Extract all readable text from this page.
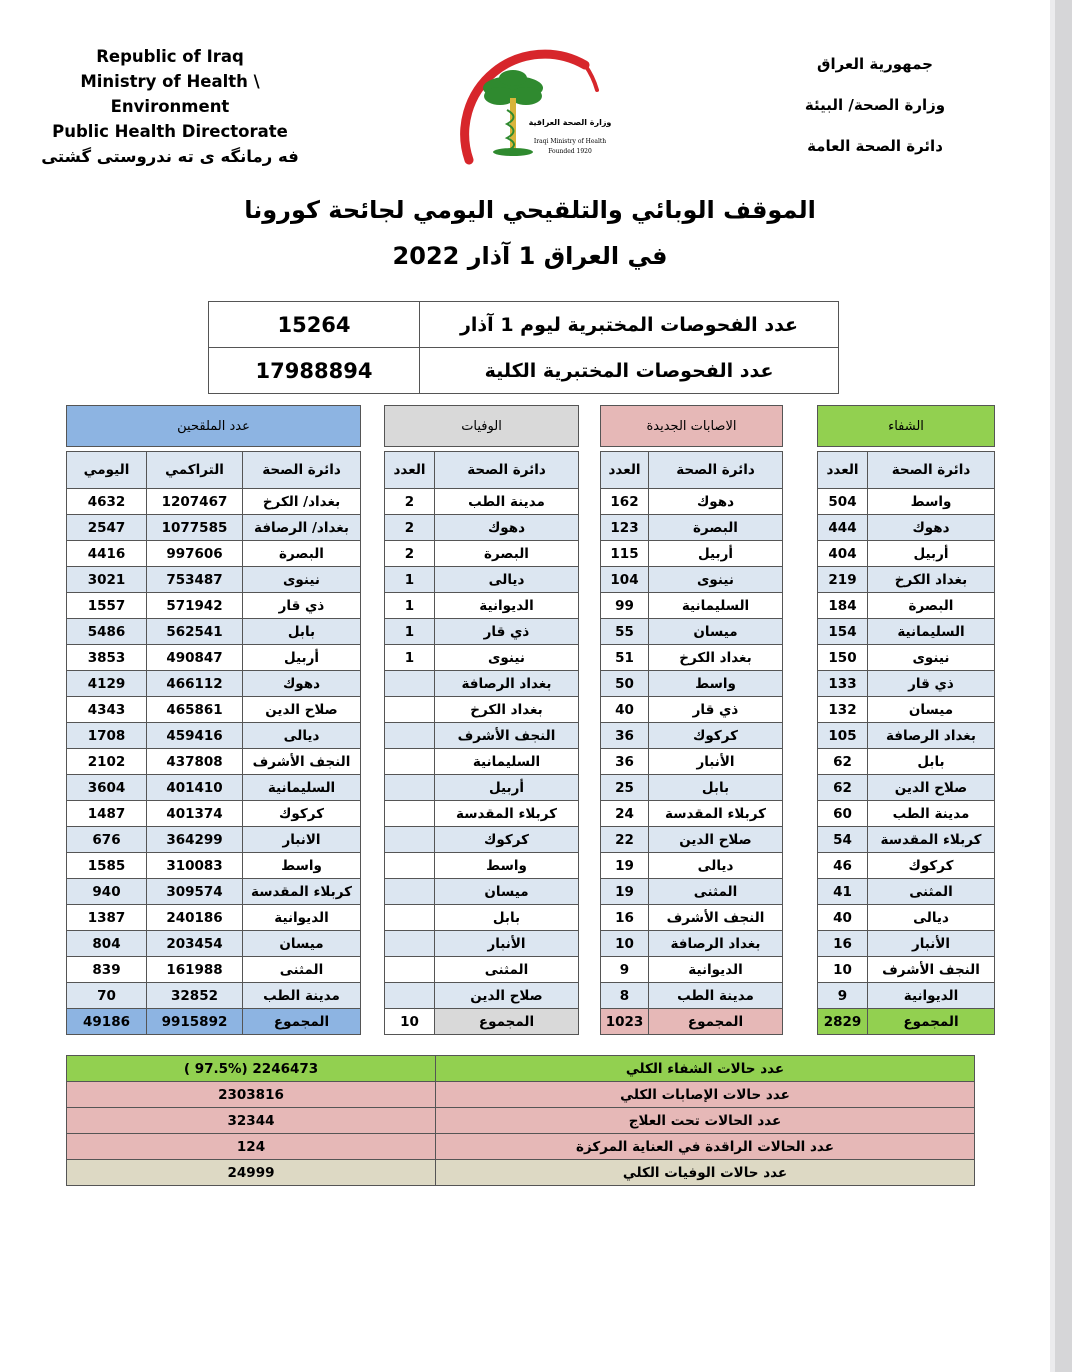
Republic of Iraq
Ministry of Health \ Environment
Public Health Directorate
فه رمانگه ى ته ندروستى گشتى
وزارة الصحة العراقية
Iraqi Ministry of Health
Founded 1920
جمهورية العراق
وزارة الصحة/ البيئة
دائرة الصحة العامة
الموقف الوبائي والتلقيحي اليومي لجائحة كورونا
في العراق 1 آذار 2022
15264	عدد الفحوصات المختبرية ليوم 1 آذار
17988894	عدد الفحوصات المختبرية الكلية
عدد الملقحين				الوفيات			الاصابات الجديدة			الشفاء	

اليومي	التراكمي	دائرة الصحة		العدد	دائرة الصحة		العدد	دائرة الصحة		العدد	دائرة الصحة
4632	1207467	بغداد/ الكرخ		2	مدينة الطب		162	دهوك		504	واسط
2547	1077585	بغداد/ الرصافة		2	دهوك		123	البصرة		444	دهوك
4416	997606	البصرة		2	البصرة		115	أربيل		404	أربيل
3021	753487	نينوى		1	ديالى		104	نينوى		219	بغداد الكرخ
1557	571942	ذي قار		1	الديوانية		99	السليمانية		184	البصرة
5486	562541	بابل		1	ذي قار		55	ميسان		154	السليمانية
3853	490847	أربيل		1	نينوى		51	بغداد الكرخ		150	نينوى
4129	466112	دهوك			بغداد الرصافة		50	واسط		133	ذي قار
4343	465861	صلاح الدين			بغداد الكرخ		40	ذي قار		132	ميسان
1708	459416	ديالى			النجف الأشرف		36	كركوك		105	بغداد الرصافة
2102	437808	النجف الأشرف			السليمانية		36	الأنبار		62	بابل
3604	401410	السليمانية			أربيل		25	بابل		62	صلاح الدين
1487	401374	كركوك			كربلاء المقدسة		24	كربلاء المقدسة		60	مدينة الطب
676	364299	الانبار			كركوك		22	صلاح الدين		54	كربلاء المقدسة
1585	310083	واسط			واسط		19	ديالى		46	كركوك
940	309574	كربلاء المقدسة			ميسان		19	المثنى		41	المثنى
1387	240186	الديوانية			بابل		16	النجف الأشرف		40	ديالى
804	203454	ميسان			الأنبار		10	بغداد الرصافة		16	الأنبار
839	161988	المثنى			المثنى		9	الديوانية		10	النجف الأشرف
70	32852	مدينة الطب			صلاح الدين		8	مدينة الطب		9	الديوانية
49186	9915892	المجموع		10	المجموع		1023	المجموع		2829	المجموع
( 97.5%) 2246473	عدد حالات الشفاء الكلي
2303816	عدد حالات الإصابات الكلي
32344	عدد الحالات تحت العلاج
124	عدد الحالات الراقدة في العناية المركزة
24999	عدد حالات الوفيات الكلي
